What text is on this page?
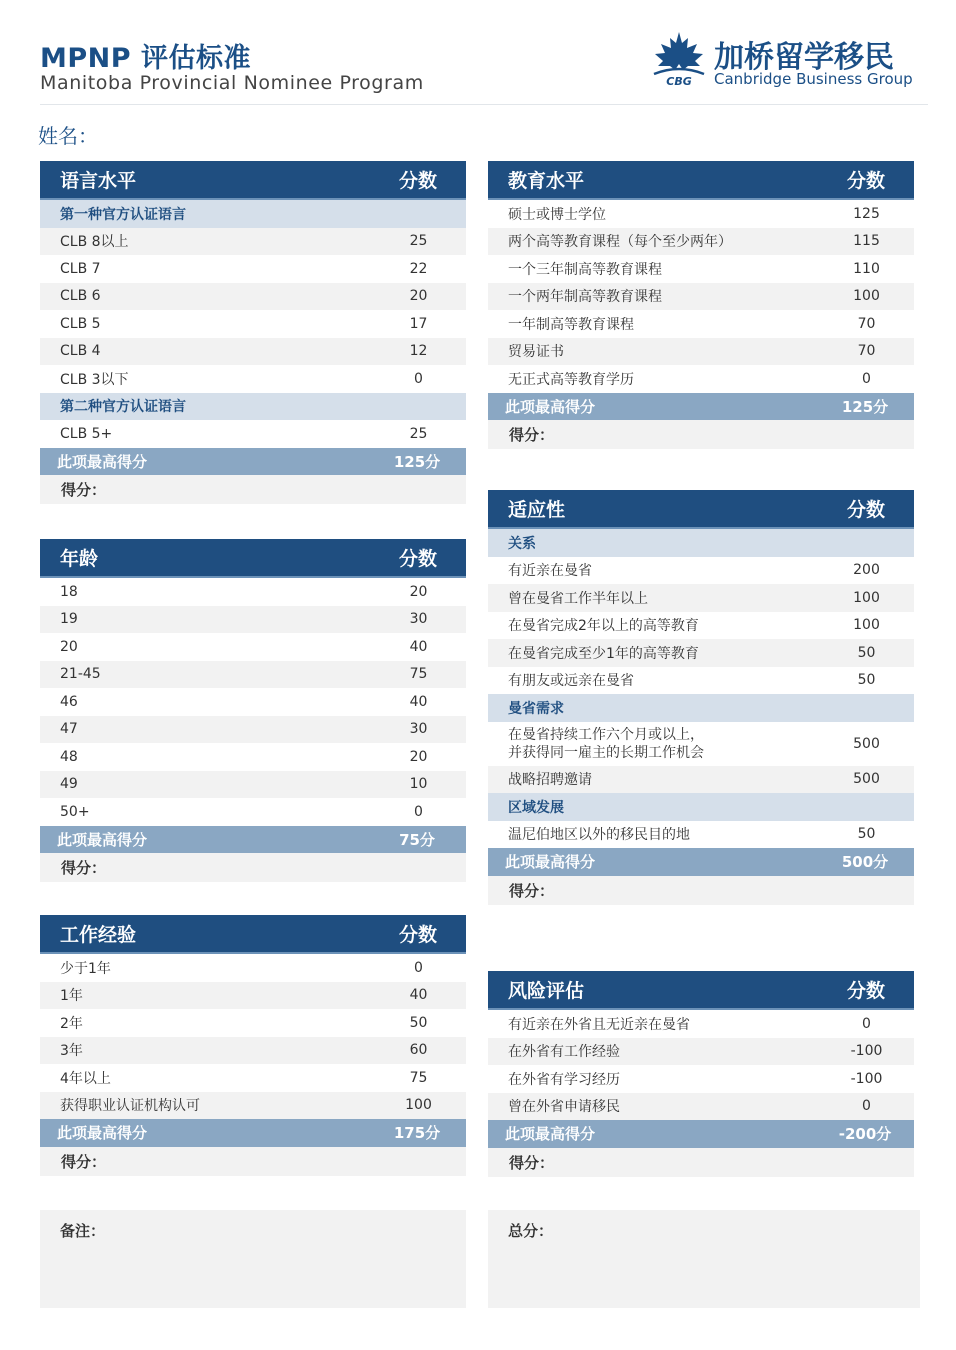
MPNP 评估标准
Manitoba Provincial Nominee Program	CBG
加桥留学移民
Canbridge Business Group
姓名：
语言水平	分数
第一种官方认证语言
CLB 8以上	25
CLB 7	22
CLB 6	20
CLB 5	17
CLB 4	12
CLB 3以下	0
第二种官方认证语言
CLB 5+	25
此项最高得分	125分
得分：
年龄	分数
18	20
19	30
20	40
21-45	75
46	40
47	30
48	20
49	10
50+	0
此项最高得分	75分
得分：
工作经验	分数
少于1年	0
1年	40
2年	50
3年	60
4年以上	75
获得职业认证机构认可	100
此项最高得分	175分
得分：
教育水平	分数
硕士或博士学位	125
两个高等教育课程（每个至少两年）	115
一个三年制高等教育课程	110
一个两年制高等教育课程	100
一年制高等教育课程	70
贸易证书	70
无正式高等教育学历	0
此项最高得分	125分
得分：
适应性	分数
关系
有近亲在曼省	200
曾在曼省工作半年以上	100
在曼省完成2年以上的高等教育	100
在曼省完成至少1年的高等教育	50
有朋友或远亲在曼省	50
曼省需求
在曼省持续工作六个月或以上，
并获得同一雇主的长期工作机会
500
战略招聘邀请	500
区域发展
温尼伯地区以外的移民目的地	50
此项最高得分	500分
得分：
风险评估	分数
有近亲在外省且无近亲在曼省	0
在外省有工作经验	-100
在外省有学习经历	-100
曾在外省申请移民	0
此项最高得分	-200分
得分：
备注：	总分：
